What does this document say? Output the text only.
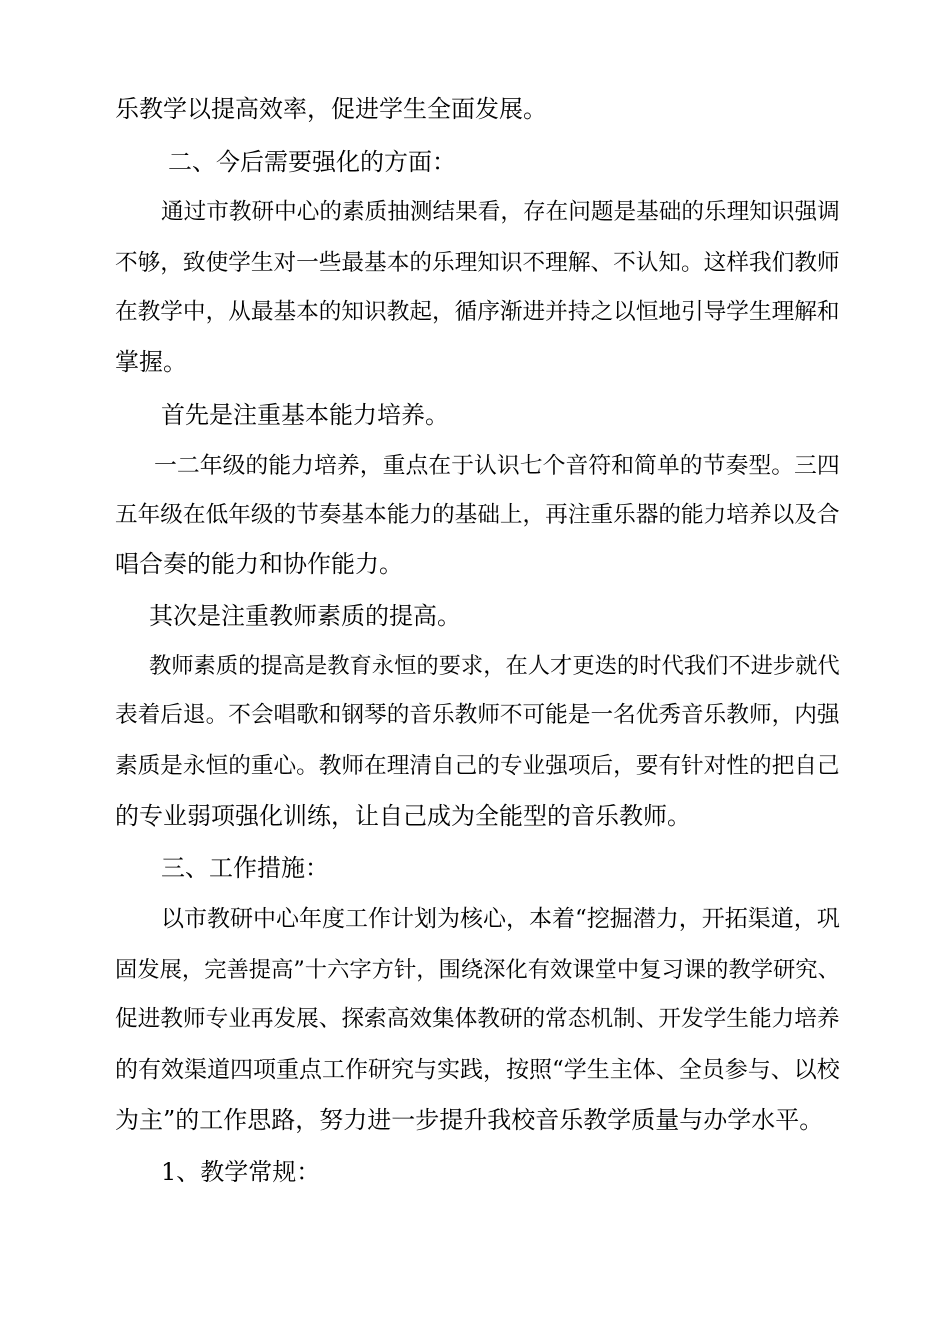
乐教学以提高效率，促进学生全面发展。
二、今后需要强化的方面：
通过市教研中心的素质抽测结果看，存在问题是基础的乐理知识强调
不够，致使学生对一些最基本的乐理知识不理解、不认知。这样我们教师
在教学中，从最基本的知识教起，循序渐进并持之以恒地引导学生理解和
掌握。
首先是注重基本能力培养。
一二年级的能力培养，重点在于认识七个音符和简单的节奏型。三四
五年级在低年级的节奏基本能力的基础上，再注重乐器的能力培养以及合
唱合奏的能力和协作能力。
其次是注重教师素质的提高。
教师素质的提高是教育永恒的要求，在人才更迭的时代我们不进步就代
表着后退。不会唱歌和钢琴的音乐教师不可能是一名优秀音乐教师，内强
素质是永恒的重心。教师在理清自己的专业强项后，要有针对性的把自己
的专业弱项强化训练，让自己成为全能型的音乐教师。
三、工作措施：
以市教研中心年度工作计划为核心，本着“挖掘潜力，开拓渠道，巩
固发展，完善提高”十六字方针，围绕深化有效课堂中复习课的教学研究、
促进教师专业再发展、探索高效集体教研的常态机制、开发学生能力培养
的有效渠道四项重点工作研究与实践，按照“学生主体、全员参与、以校
为主”的工作思路，努力进一步提升我校音乐教学质量与办学水平。
1、教学常规：
